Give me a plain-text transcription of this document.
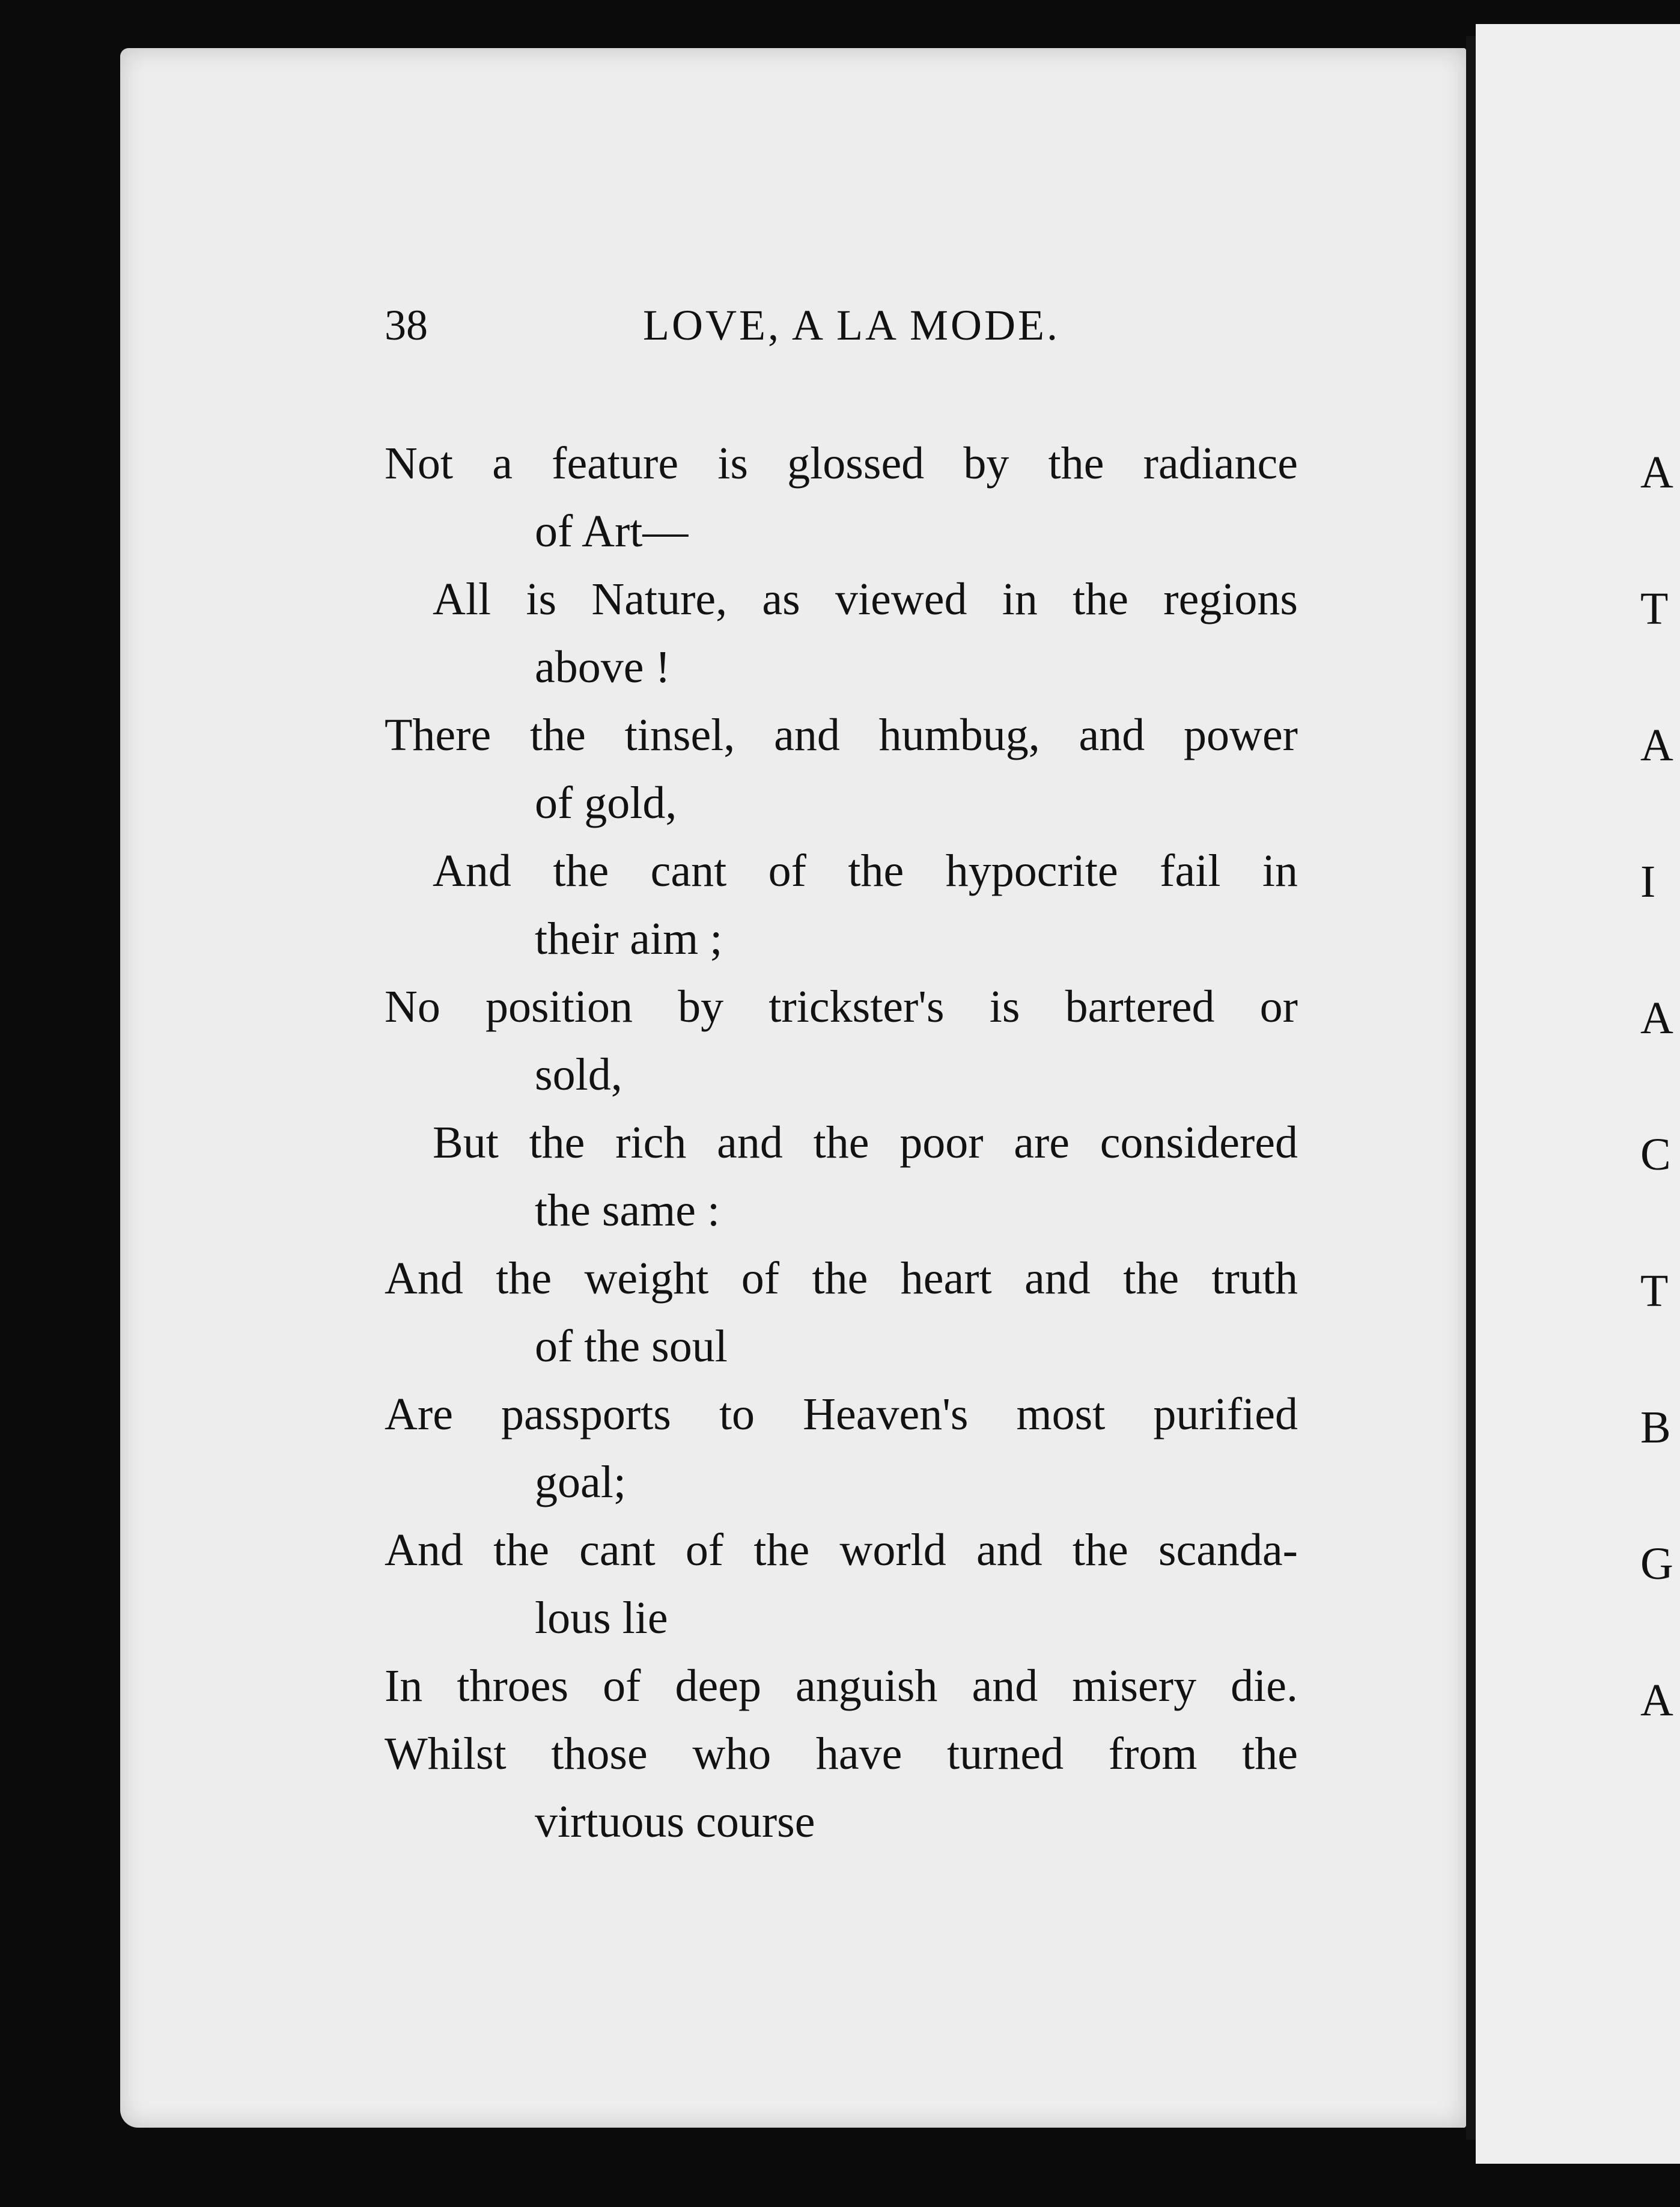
38	LOVE, A LA MODE.
Not a feature is glossed by the radiance
of Art—
All is Nature, as viewed in the regions
above !
There the tinsel, and humbug, and power
of gold,
And the cant of the hypocrite fail in
their aim ;
No position by trickster's is bartered or
sold,
But the rich and the poor are considered
the same :
And the weight of the heart and the truth
of the soul
Are passports to Heaven's most purified
goal;
And the cant of the world and the scanda-
lous lie
In throes of deep anguish and misery die.
Whilst those who have turned from the
virtuous course
A
T
A
I
A
C
T
B
G
A
